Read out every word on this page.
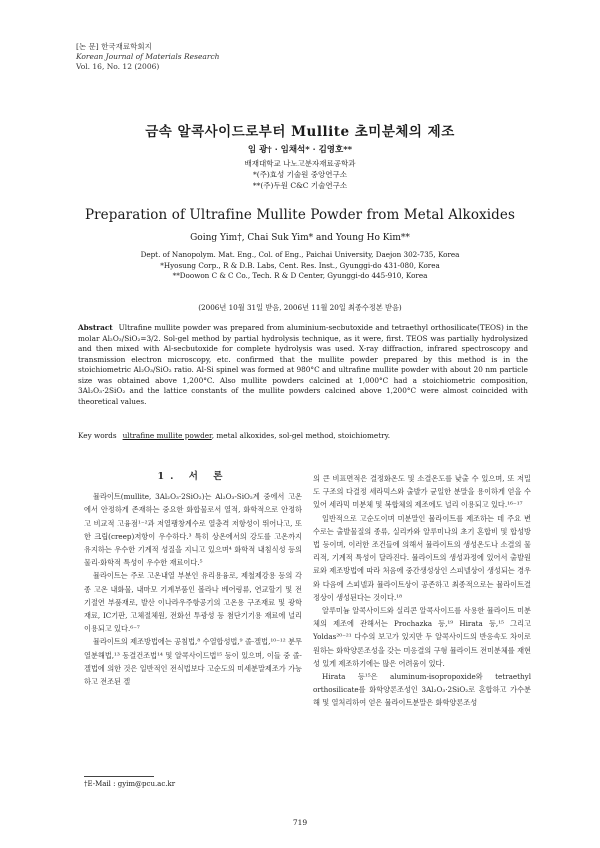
[논 문] 한국재료학회지
Korean Journal of Materials Research
Vol. 16, No. 12 (2006)
금속 알콕사이드로부터 Mullite 초미분체의 제조
임 광† · 임채석* · 김영호**
배재대학교 나노고분자재료공학과
*(주)효성 기술원 중앙연구소
**(주)두원 C&C 기술연구소
Preparation of Ultrafine Mullite Powder from Metal Alkoxides
Going Yim†, Chai Suk Yim* and Young Ho Kim**
Dept. of Nanopolym. Mat. Eng., Col. of Eng., Paichai University, Daejon 302-735, Korea
*Hyosung Corp., R & D.B. Labs, Cent. Res. Inst., Gyunggi-do 431-080, Korea
**Doowon C & C Co., Tech. R & D Center, Gyunggi-do 445-910, Korea
(2006년 10월 31일 받음, 2006년 11월 20일 최종수정본 받음)
Abstract Ultrafine mullite powder was prepared from aluminium-secbutoxide and tetraethyl orthosilicate(TEOS) in the molar Al₂O₃/SiO₂=3/2. Sol-gel method by partial hydrolysis technique, as it were, first. TEOS was partially hydrolysized and then mixed with Al-secbutoxide for complete hydrolysis was used. X-ray diffraction, infrared spectroscopy and transmission electron microscopy, etc. confirmed that the mullite powder prepared by this method is in the stoichiometric Al₂O₃/SiO₂ ratio. Al-Si spinel was formed at 980°C and ultrafine mullite powder with about 20 nm particle size was obtained above 1,200°C. Also mullite powders calcined at 1,000°C had a stoichiometric composition, 3Al₂O₃·2SiO₂ and the lattice constants of the mullite powders calcined above 1,200°C were almost coincided with theoretical values.
Key words ultrafine mullite powder, metal alkoxides, sol-gel method, stoichiometry.
1. 서 론

뮬라이트(mullite, 3Al₂O₃·2SiO₂)는 Al₂O₃-SiO₂계 중에서 고온에서 안정하게 존재하는 중요한 화합물로서 열적, 화학적으로 안정하고 비교적 고융점¹⁻²과 저열팽창계수로 열충격 저항성이 뛰어나고, 또한 크립(creep)저항이 우수하다.³ 특히 상온에서의 강도를 고온까지 유지하는 우수한 기계적 성질을 지니고 있으며⁴ 화학적 내침식성 등의 물리·화학적 특성이 우수한 재료이다.⁵

뮬라이트는 주로 고온내열 부분인 유리용융로, 제철제강용 등의 각종 고온 내화물, 내마모 기계부품인 볼라나 베어링류, 연교할기 및 전기절연 부품재로, 발산 이나라우주항공기의 고온용 구조재료 및 광학재료, IC기판, 고체절체원, 전화선 투광성 등 첨단기기용 재료에 널리 이용되고 있다.⁶⁻⁷

뮬라이트의 제조방법에는 공침법,⁸ 수열합성법,⁹ 졸·겔법,¹⁰⁻¹² 분무열분해법,¹³ 동결건조법¹⁴ 및 알콕사이드법¹⁵ 등이 있으며, 이들 중 졸·겔법에 의한 것은 일반적인 전식법보다 고순도의 미세분말제조가 가능하고 전조된 겔

의 큰 비표면적은 결정화온도 및 소결온도를 낮출 수 있으며, 또 저밀도 구조의 다결정 세라믹스와 출발가 균일한 분말을 용이하게 얻을 수 있어 세라믹 미분체 및 복합체의 제조에도 널리 이용되고 있다.¹⁶⁻¹⁷

일반적으로 고순도이며 미분말인 뮬라이트를 제조하는 데 주요 변수로는 출발물질의 종류, 실리카와 알루미나의 초기 혼합비 및 합성방법 등이며, 이러한 조건들에 의해서 뮬라이트의 생성온도나 소결의 물리적, 기계적 특성이 달라진다. 뮬라이트의 생성과정에 있어서 출발원료와 제조방법에 따라 처음에 중간생성상인 스피넬상이 생성되는 경우와 다음에 스피넬과 뮬라이트상이 공존하고 최종적으로는 뮬라이트결정상이 생성된다는 것이다.¹⁸

알루미늄 알콕사이드와 실리콘 알콕사이드를 사용한 뮬라이트 미분체의 제조에 관해서는 Prochazka 등,¹⁹ Hirata 등,¹⁵ 그리고 Yoldas²⁰⁻²¹ 다수의 보고가 있지만 두 알콕사이드의 반응속도 차이로 원하는 화학양론조성을 갖는 미응결의 구형 뮬라이트 전미분체를 재현성 있게 제조하기에는 많은 어려움이 있다.

Hirata 등¹⁵은 aluminum-isopropoxide와 tetraethyl orthosilicate를 화학양론조성인 3Al₂O₃·2SiO₂로 혼합하고 가수분해 및 열처리하여 얻은 뮬라이트분말은 화학양론조성

†E-Mail : gyim@pcu.ac.kr
719
